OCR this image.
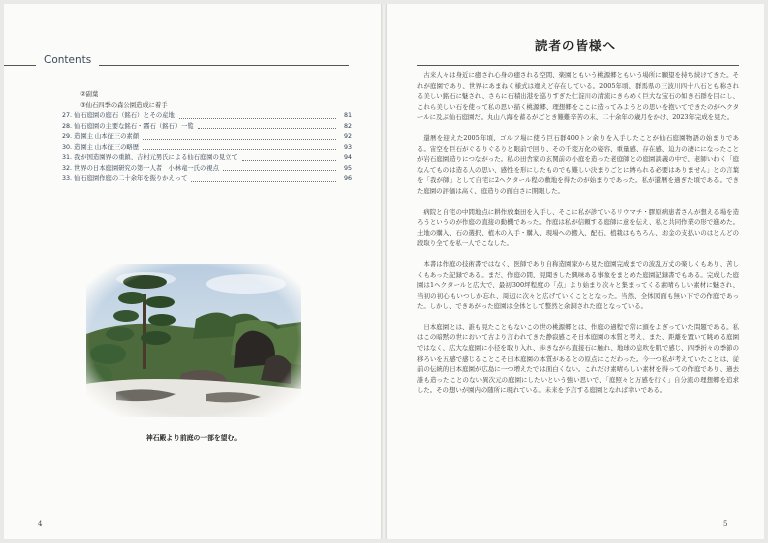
Contents
②副葉
③仙石四季の森公園造成に着手
27. 仙石庭園の庭石（銘石）とその産地	81
28. 仙石庭園の主要な銘石・霧石（銘石）一覧	82
29. 造園主 山本征三の素顔	92
30. 造園主 山本征三の略歴	93
31. 我が国造園界の重鎮、吉村元男氏による仙石庭園の見立て	94
32. 世界の日本庭園研究の第一人者　小林竜一氏の視点	95
33. 仙石庭園作庭の二十余年を振りかえって	96
神石殿より前庭の一部を望む。
4
読者の皆様へ

古来人々は身近に癒され心身の癒される空間、楽園ともいう桃源郷ともいう場所に願望を持ち続けてきた。それが庭園であり、世界にあまねく様式は違えど存在している。2005年頃、群馬県の三波川四十八石とも称される美しい銘石に魅され、さらに石積出港を巡りすぎた仁淀川の清流にきらめく巨大な宝石の如き石群を目にし、これら美しい石を使って私の思い描く桃源郷、理想郷をここに造ってみようとの思いを抱いてできたのがヘクタールに及ぶ仙石庭園だ。丸山八海を蓄るがごとき難難辛苦の末、二十余年の歳月をかけ、2023年完成を見た。

還暦を迎えた2005年頃、ゴルフ場に使う巨石群400トン余りを入手したことが仙石庭園物語の始まりである。宙空を巨石がぐるりぐるりと眼前で回り、その千変万化の姿容、重量感、存在感、迫力の凄にになったことが岩石庭園造りにつながった。私の田舎家の玄関前の小庭を造った老庭師との庭園談義の中で、老師いわく「庭なんてものは造る人の思い、感性を形にしたものでも難しい決まりごとに縛られる必要はありません」との言葉を「我が師」として自宅に2ヘクタール程の敷地を得たのが始まりであった。私が還暦を過ぎた頃である。できた庭園の評価は高く、庭造りの面白さに開眼した。

病院と自宅の中間地点に耕作放棄田を入手し、そこに私が診ているリウマチ・膠原病患者さんが想える場を造ろうというのが作庭の直接の動機であった。作庭は私が信頼する庭師に意を伝え、私と共同作業の形で進めた。土地の購入、石の選択、植木の入手・購入、現場への搬入、配石、植栽はもちろん、お金の支払いのはとんどの段取り全てを私一人でこなした。

本書は作庭の技術書ではなく、医師であり自称造園家から見た庭園完成までの波乱万丈の楽しくもあり、苦しくもあった記録である。まだ、作庭の間、見聞きした興味ある事象をまとめた庭園記録書でもある。完成した庭園は1ヘクタールと広大で、最初300坪程度の「点」より始まり次々と集まってくる素晴らしい素材に魅され、当初の初心もいつしか忘れ、周辺に次々と広げていくこととなった。当然、全体図面も無い下での作庭であった。しかし、できあがった庭園は全体として整然と余洞された庭となっている。

日本庭園とは、誰も見たこともないこの世の桃源郷とは、作庭の過程で常に頭をよぎっていた問題である。私はこの暗黙の世において古より言われてきた静寂感こそ日本庭園の本質と考え、また、距離を置いて眺める庭園ではなく、広大な庭園に小径を取り入れ、歩きながら直接石に触れ、地球の息吹を肌で感じ、四季折々の季節の移ろいを五感で感じることこそ日本庭園の本質があるとの原点にこだわった。今一つ私が考えていたことは、従前の伝統的日本庭園が広島に一つ増えたでは面白くない。これだけ素晴らしい素材を得っての作庭であり、過去誰も造ったことのない異次元の庭園にしたいという強い思いで、「庭照々と万感を行く」自分流の理想郷を追求した。その想いが園内の随所に現れている。未来を予言する庭園となれば幸いである。

5
